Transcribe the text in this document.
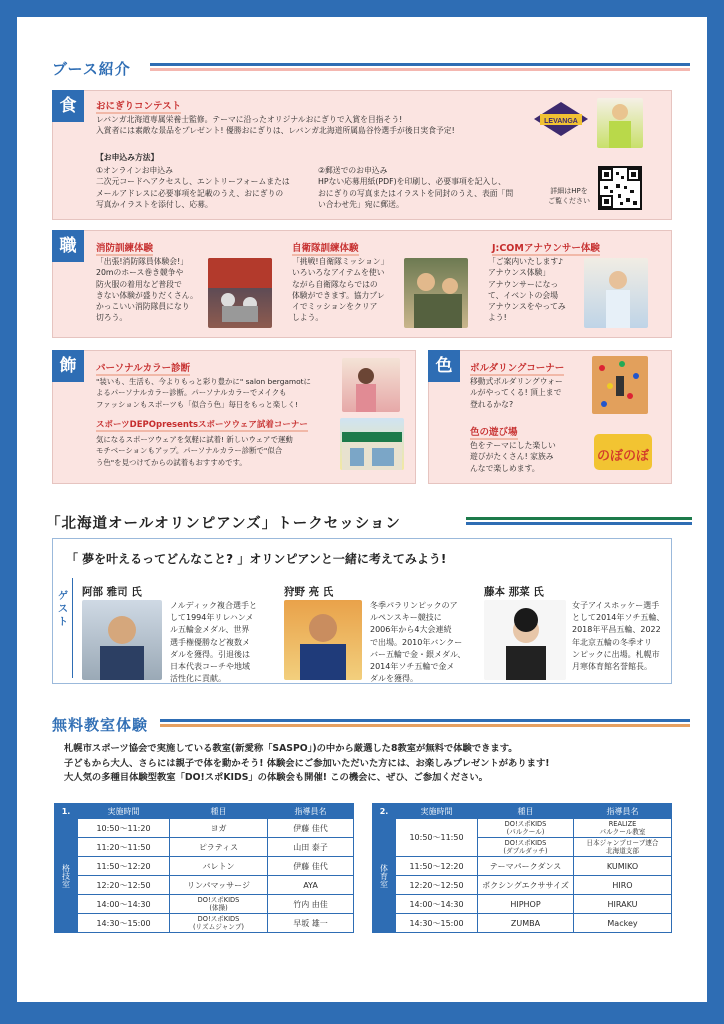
ブース紹介
食	おにぎりコンテスト
レバンガ北海道専属栄養士監修。テーマに沿ったオリジナルおにぎりで入賞を目指そう!
入賞者には素敵な景品をプレゼント! 優勝おにぎりは、レバンガ北海道所属島谷怜選手が後日実食予定!
【お申込み方法】
①オンラインお申込み
二次元コードへアクセスし、エントリーフォームまたは
メールアドレスに必要事項を記載のうえ、おにぎりの
写真かイラストを添付し、応募。
②郵送でのお申込み
HPない応募用紙(PDF)を印刷し、必要事項を記入し、
おにぎりの写真またはイラストを同封のうえ、表面「問
い合わせ先」宛に郵送。
詳細はHPを
ご覧ください
LEVANGA
職	消防訓練体験
「出張!消防隊員体験会!」
20mのホース巻き競争や
防火服の着用など普段で
きない体験が盛りだくさん。
かっこいい消防隊員になり
切ろう。
自衛隊訓練体験
「挑戦!自衛隊ミッション」
いろいろなアイテムを使い
ながら自衛隊ならではの
体験ができます。協力プレ
イでミッションをクリア
しよう。
J:COMアナウンサー体験
「ご案内いたします♪
アナウンス体験」
アナウンサーになっ
て、イベントの会場
アナウンスをやってみ
よう!
飾	パーソナルカラー診断
"装いも、生活も、今よりもっと彩り豊かに" salon bergamotに
よるパーソナルカラー診断。パーソナルカラーでメイクも
ファッションもスポーツも「似合う色」毎日をもっと楽しく!
スポーツDEPOpresentsスポーツウェア試着コーナー
気になるスポーツウェアを気軽に試着! 新しいウェアで運動
モチベーションもアップ。パーソナルカラー診断で"似合
う色"を見つけてからの試着もおすすめです。
色	ボルダリングコーナー
移動式ボルダリングウォー
ルがやってくる! 頂上まで
登れるかな?
色の遊び場
色をテーマにした楽しい
遊びがたくさん! 家族み
んなで楽しめます。
のぼのぼ
「北海道オールオリンピアンズ」トークセッション
「 夢を叶えるってどんなこと? 」オリンピアンと一緒に考えてみよう!
ゲスト
阿部 雅司 氏
ノルディック複合選手と
して1994年リレハンメ
ル五輪金メダル、世界
選手権優勝など複数メ
ダルを獲得。引退後は
日本代表コーチや地域
活性化に貢献。
狩野 亮 氏
冬季パラリンピックのア
ルペンスキー競技に
2006年から4大会連続
で出場。2010年バンクー
バー五輪で金・銀メダル、
2014年ソチ五輪で金メ
ダルを獲得。
藤本 那菜 氏
女子アイスホッケー選手
として2014年ソチ五輪、
2018年平昌五輪、2022
年北京五輪の冬季オリ
ンピックに出場。札幌市
月寒体育館名誉館長。
無料教室体験
札幌市スポーツ協会で実施している教室(新愛称「SASPO」)の中から厳選した8教室が無料で体験できます。
子どもから大人、さらには親子で体を動かそう! 体験会にご参加いただいた方には、お楽しみプレゼントがあります!
大人気の多種目体験型教室「DO!スポKIDS」の体験会も開催! この機会に、ぜひ、ご参加ください。
1.	実施時間	種目	指導員名
格技室	10:50〜11:20	ヨガ	伊藤 佳代
	11:20〜11:50	ピラティス	山田 泰子
	11:50〜12:20	バレトン	伊藤 佳代
	12:20〜12:50	リンパマッサージ	AYA
	14:00〜14:30	DO!スポKIDS
(体操)	竹内 由佳
	14:30〜15:00	DO!スポKIDS
(リズムジャンプ)	早坂 雄一
2.	実施時間	種目	指導員名
体育室	10:50〜11:50	DO!スポKIDS
(パルクール)	REALIZE
パルクール教室
		DO!スポKIDS
(ダブルダッチ)	日本ジャンプローブ連合
北海道支部
	11:50〜12:20	テーマパークダンス	KUMIKO
	12:20〜12:50	ボクシングエクササイズ	HIRO
	14:00〜14:30	HIPHOP	HIRAKU
	14:30〜15:00	ZUMBA	Mackey
